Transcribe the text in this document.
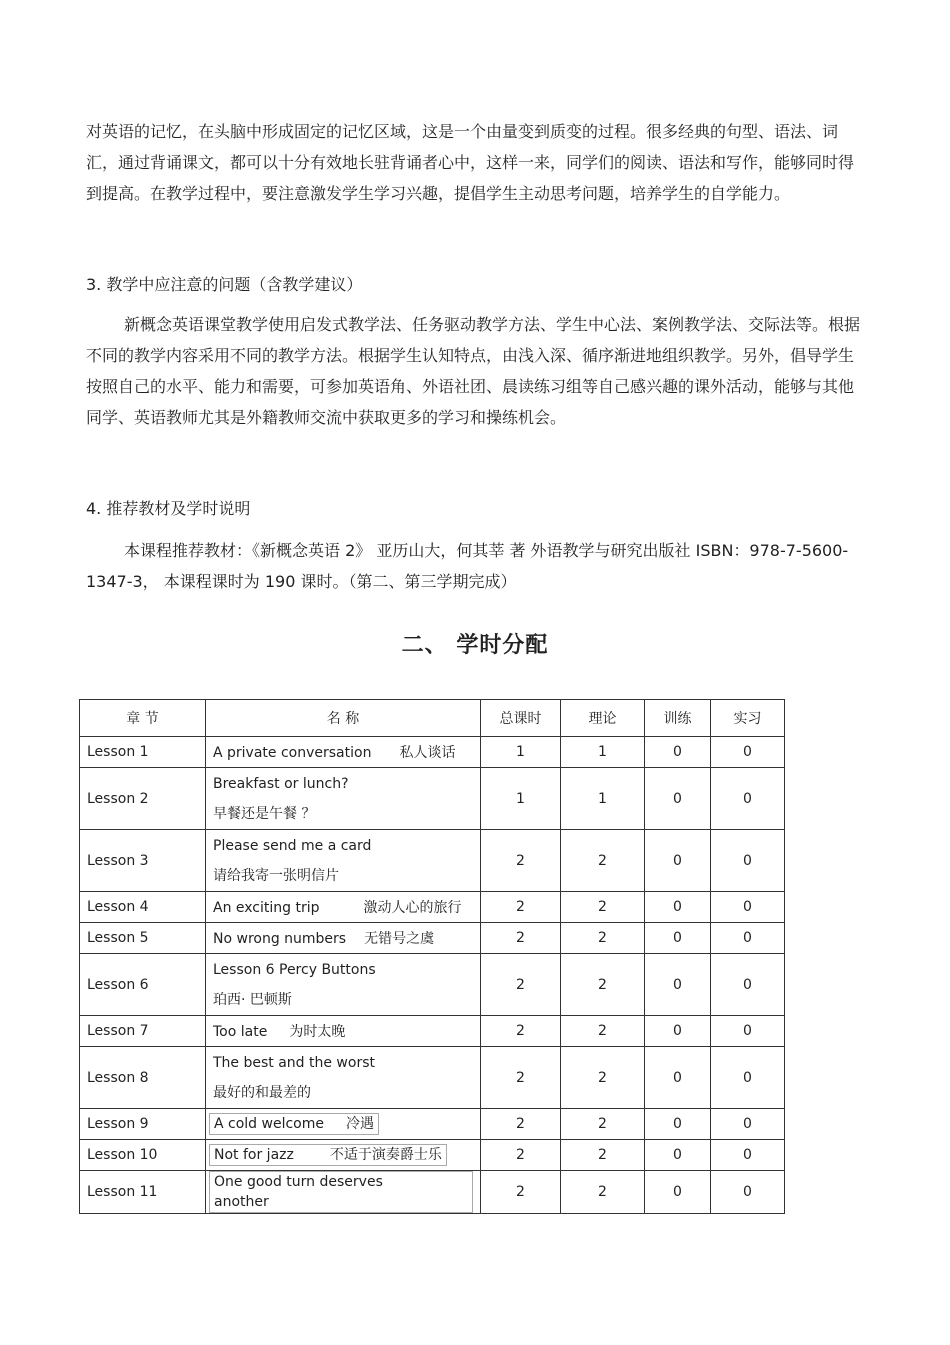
对英语的记忆，在头脑中形成固定的记忆区域，这是一个由量变到质变的过程。很多经典的句型、语法、词汇，通过背诵课文，都可以十分有效地长驻背诵者心中，这样一来，同学们的阅读、语法和写作，能够同时得到提高。在教学过程中，要注意激发学生学习兴趣，提倡学生主动思考问题，培养学生的自学能力。

3. 教学中应注意的问题（含教学建议）

新概念英语课堂教学使用启发式教学法、任务驱动教学方法、学生中心法、案例教学法、交际法等。根据不同的教学内容采用不同的教学方法。根据学生认知特点，由浅入深、循序渐进地组织教学。另外，倡导学生按照自己的水平、能力和需要，可参加英语角、外语社团、晨读练习组等自己感兴趣的课外活动，能够与其他同学、英语教师尤其是外籍教师交流中获取更多的学习和操练机会。

4. 推荐教材及学时说明

本课程推荐教材：《新概念英语 2》 亚历山大，何其莘 著 外语教学与研究出版社 ISBN：978-7-5600-1347-3， 本课程课时为 190 课时。（第二、第三学期完成）

二、 学时分配
章 节	名 称	总课时	理论	训练	实习
Lesson 1	A private conversation 私人谈话	1	1	0	0
Lesson 2	Breakfast or lunch?
早餐还是午餐 ？	1	1	0	0
Lesson 3	Please send me a card
请给我寄一张明信片	2	2	0	0
Lesson 4	An exciting trip 激动人心的旅行	2	2	0	0
Lesson 5	No wrong numbers 无错号之虞	2	2	0	0
Lesson 6	Lesson 6 Percy Buttons
珀西· 巴顿斯	2	2	0	0
Lesson 7	Too late 为时太晚	2	2	0	0
Lesson 8	The best and the worst
最好的和最差的	2	2	0	0
Lesson 9	A cold welcome 冷遇	2	2	0	0
Lesson 10	Not for jazz 不适于演奏爵士乐	2	2	0	0
Lesson 11	One good turn deserves another	2	2	0	0
